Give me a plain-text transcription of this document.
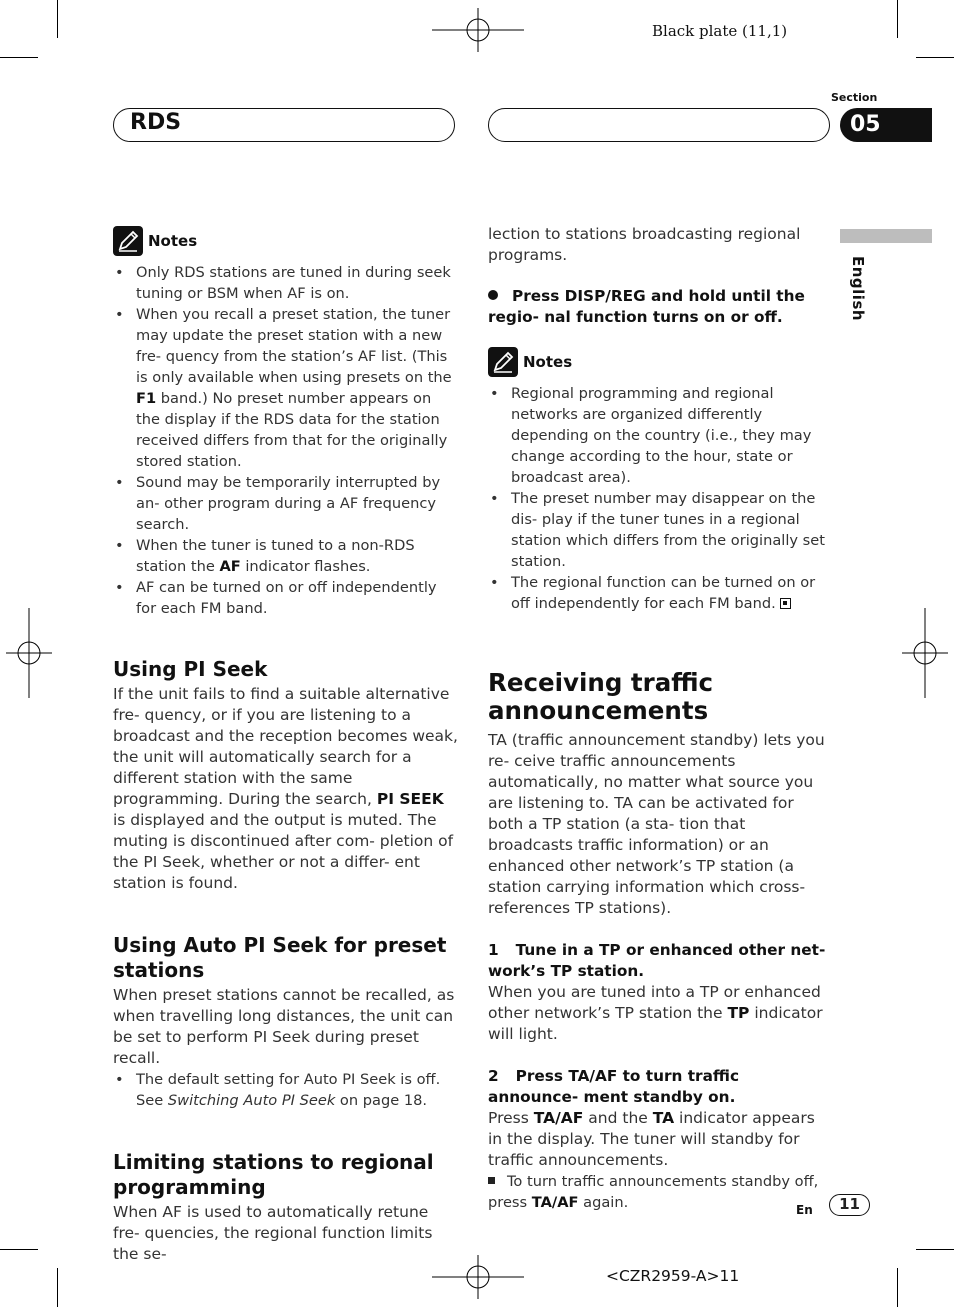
Black plate (11,1)
Section
RDS	05
English
Notes
• Only RDS stations are tuned in during seek tuning or BSM when AF is on.
• When you recall a preset station, the tuner may update the preset station with a new fre- quency from the station’s AF list. (This is only available when using presets on the F1 band.) No preset number appears on the display if the RDS data for the station received differs from that for the originally stored station.
• Sound may be temporarily interrupted by an- other program during a AF frequency search.
• When the tuner is tuned to a non-RDS station the AF indicator flashes.
• AF can be turned on or off independently for each FM band.
Using PI Seek

If the unit fails to find a suitable alternative fre- quency, or if you are listening to a broadcast and the reception becomes weak, the unit will automatically search for a different station with the same programming. During the search, PI SEEK is displayed and the output is muted. The muting is discontinued after com- pletion of the PI Seek, whether or not a differ- ent station is found.

Using Auto PI Seek for preset stations

When preset stations cannot be recalled, as when travelling long distances, the unit can be set to perform PI Seek during preset recall.

• The default setting for Auto PI Seek is off. See Switching Auto PI Seek on page 18.
Limiting stations to regional programming

When AF is used to automatically retune fre- quencies, the regional function limits the se-

lection to stations broadcasting regional programs.

Press DISP/REG and hold until the regio- nal function turns on or off.

Notes
• Regional programming and regional networks are organized differently depending on the country (i.e., they may change according to the hour, state or broadcast area).
• The preset number may disappear on the dis- play if the tuner tunes in a regional station which differs from the originally set station.
• The regional function can be turned on or off independently for each FM band.
Receiving traffic announcements

TA (traffic announcement standby) lets you re- ceive traffic announcements automatically, no matter what source you are listening to. TA can be activated for both a TP station (a sta- tion that broadcasts traffic information) or an enhanced other network’s TP station (a station carrying information which cross-references TP stations).

1 Tune in a TP or enhanced other net- work’s TP station.

When you are tuned into a TP or enhanced other network’s TP station the TP indicator will light.

2 Press TA/AF to turn traffic announce- ment standby on.

Press TA/AF and the TA indicator appears in the display. The tuner will standby for traffic announcements.

To turn traffic announcements standby off, press TA/AF again.	En	11
<CZR2959-A>11
